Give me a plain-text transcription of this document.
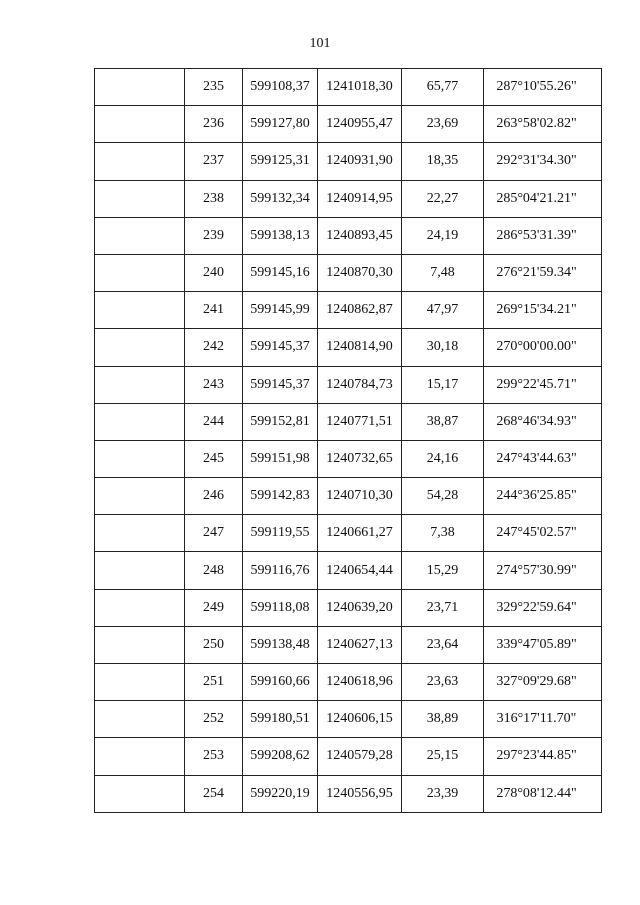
101
	235	599108,37	1241018,30	65,77	287°10'55.26"
	236	599127,80	1240955,47	23,69	263°58'02.82"
	237	599125,31	1240931,90	18,35	292°31'34.30"
	238	599132,34	1240914,95	22,27	285°04'21.21"
	239	599138,13	1240893,45	24,19	286°53'31.39"
	240	599145,16	1240870,30	7,48	276°21'59.34"
	241	599145,99	1240862,87	47,97	269°15'34.21"
	242	599145,37	1240814,90	30,18	270°00'00.00"
	243	599145,37	1240784,73	15,17	299°22'45.71"
	244	599152,81	1240771,51	38,87	268°46'34.93"
	245	599151,98	1240732,65	24,16	247°43'44.63"
	246	599142,83	1240710,30	54,28	244°36'25.85"
	247	599119,55	1240661,27	7,38	247°45'02.57"
	248	599116,76	1240654,44	15,29	274°57'30.99"
	249	599118,08	1240639,20	23,71	329°22'59.64"
	250	599138,48	1240627,13	23,64	339°47'05.89"
	251	599160,66	1240618,96	23,63	327°09'29.68"
	252	599180,51	1240606,15	38,89	316°17'11.70"
	253	599208,62	1240579,28	25,15	297°23'44.85"
	254	599220,19	1240556,95	23,39	278°08'12.44"
